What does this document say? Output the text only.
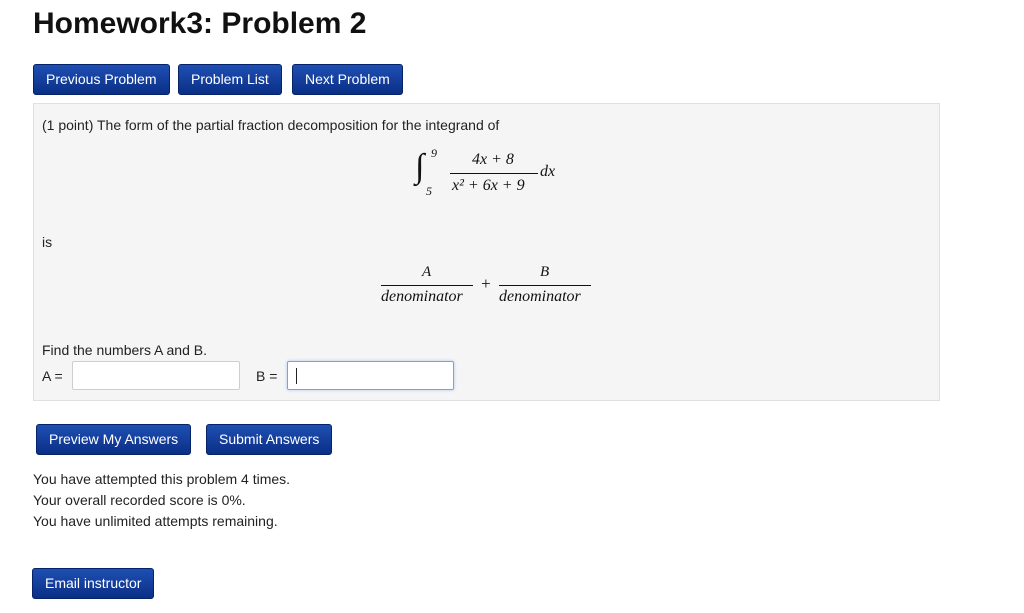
Homework3: Problem 2
Previous Problem	Problem List	Next Problem
(1 point) The form of the partial fraction decomposition for the integrand of
∫ 9
5
4x + 8
x² + 6x + 9
dx
is
A
denominator
+
B
denominator
Find the numbers A and B.
A =	B =
Preview My Answers	Submit Answers
You have attempted this problem 4 times.
Your overall recorded score is 0%.
You have unlimited attempts remaining.
Email instructor
